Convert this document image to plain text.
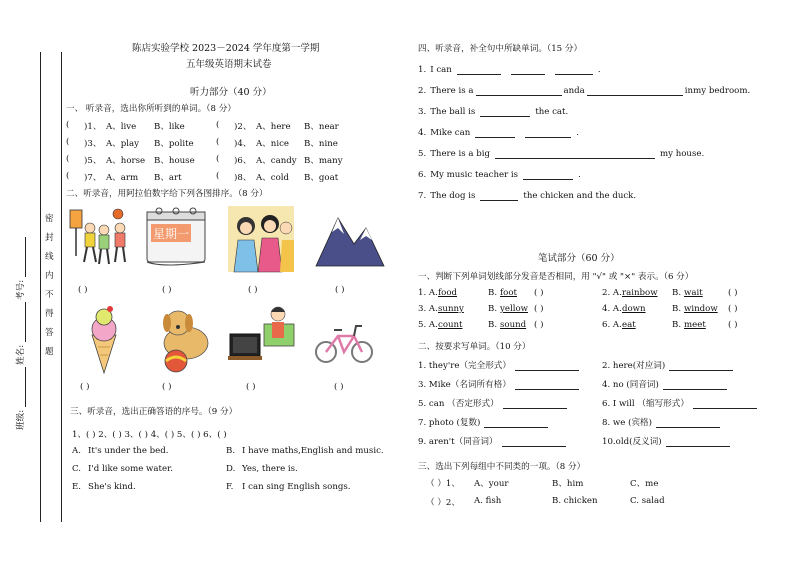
班级:
姓名:
考号:
密
封
线
内
不
得
答
题
陈店实验学校 2023－2024 学年度第一学期
五年级英语期末试卷
听力部分（40 分）
一、 听录音，选出你所听到的单词。（8 分）
( )1、 A、live B、like	( )2、 A、here B、near
( )3、 A、play B、polite	( )4、 A、nice B、nine
( )5、 A、horse B、house ( )6、 A、candy B、many
( )7、 A、arm B、art	( )8、 A、cold B、goat
二、听录音，用阿拉伯数字给下列各图排序。（8 分）
星期一
( )	( )	( )	( )
( )	( )	( )	( )
三、听录音，选出正确答语的序号。（9 分）
1、( ) 2、( ) 3、( ) 4、( ) 5、( ) 6、( )
A. It's under the bed.	B. I have maths,English and music.
C. I'd like some water.	D. Yes, there is.
E. She's kind.	F. I can sing English songs.
四、听录音，补全句中所缺单词。（15 分）
1. I can	.
2. There is a	anda	inmy bedroom.
3. The ball is	the cat.
4. Mike can	.
5. There is a big	my house.
6. My music teacher is	.
7. The dog is	the chicken and the duck.
笔试部分（60 分）
一、判断下列单词划线部分发音是否相同，用 "√" 或 "×" 表示。（6 分）
1. A. food	B. foot ( )	2. A. rainbow B. wait	( )
3. A. sunny	B. yellow ( )	4. A. down	B. window ( )
5. A. count	B. sound ( )	6. A. eat	B. meet	( )
二、按要求写单词。（10 分）
1. they're（完全形式）	2. here(对应词)
3. Mike（名词所有格）	4. no (同音词)
5. can （否定形式）	6. I will （缩写形式）
7. photo (复数)	8. we (宾格)
9. aren't（同音词）	10.old(反义词)
三、选出下列每组中不同类的一项。（8 分）
（ ）1、 A、your	B、him	C、me
（ ）2、 A. fish	B. chicken	C. salad
